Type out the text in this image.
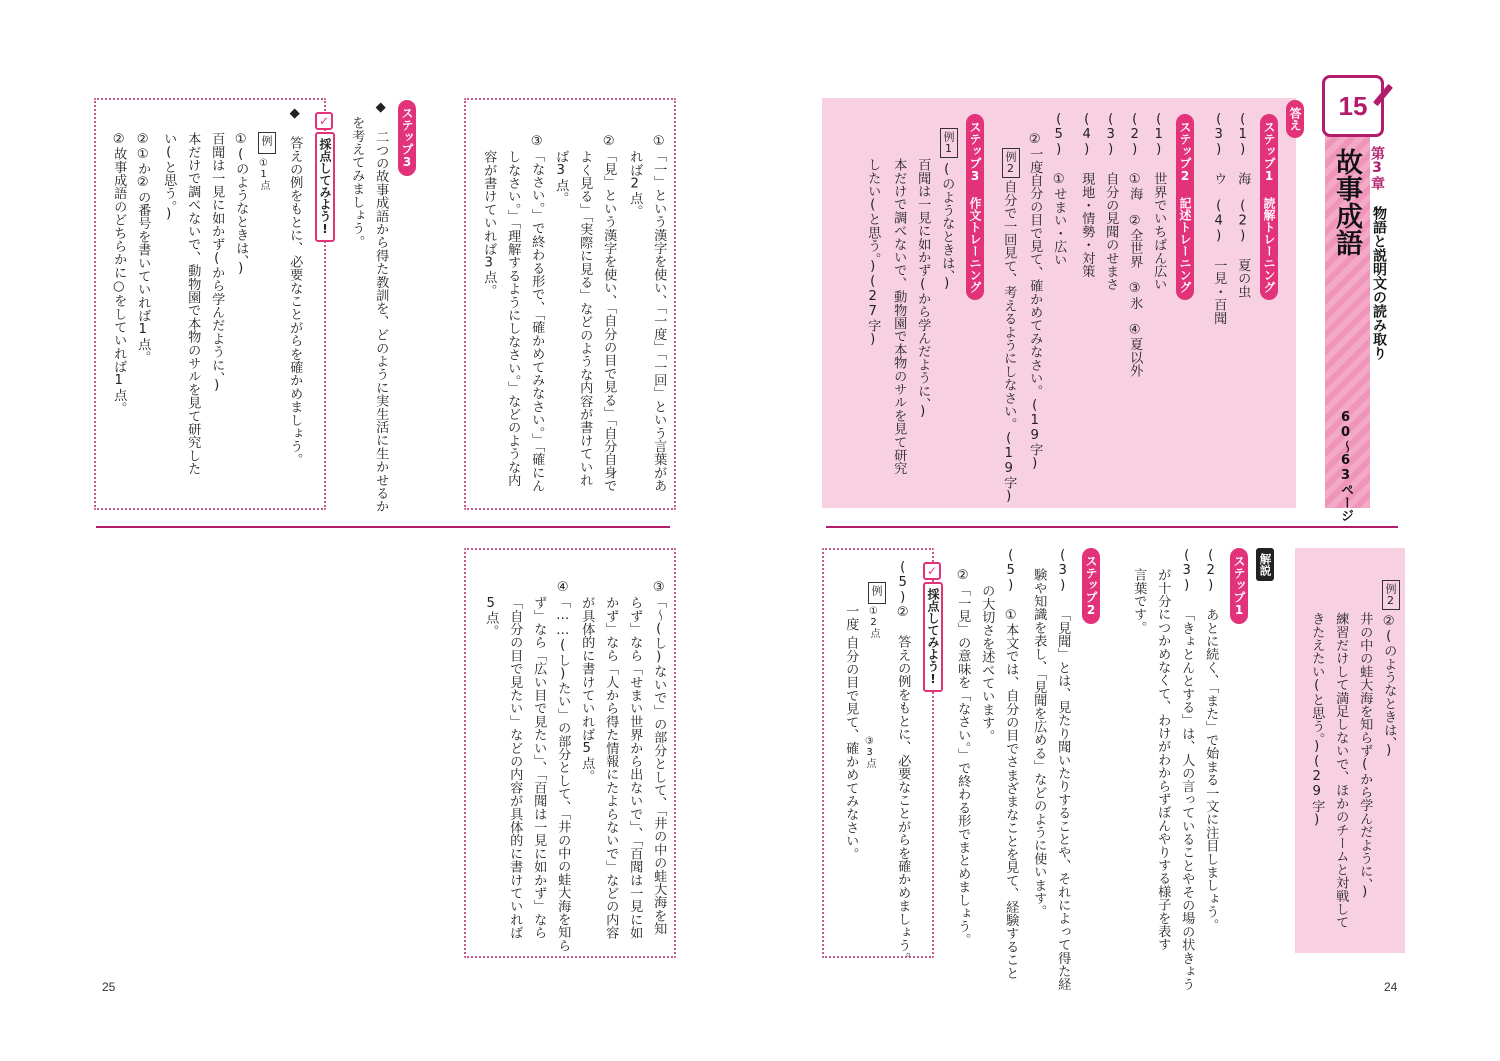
15
第3章
物語と説明文の読み取り
故事成語
60〜63ページ
答え
ステップ1 読解トレーニング
(1) 海　(2) 夏の虫
(3) ウ　(4) 一見・百聞
ステップ2 記述トレーニング
(1) 世界でいちばん広い
(2) ①海　②全世界　③氷　④夏以外
(3) 自分の見聞のせまさ
(4) 現地・情勢・対策
(5) ①せまい・広い
②一度自分の目で見て、確かめてみなさい。(19字)
例2
自分で一回見て、考えるようにしなさい。(19字)
ステップ3 作文トレーニング
例1
(のようなときは、)
百聞は一見に如かず(から学んだように、)
本だけで調べないで、動物園で本物のサルを見て研究
したい(と思う。)(27字)
例2
②(のようなときは、)
井の中の蛙大海を知らず(から学んだように、)
練習だけして満足しないで、ほかのチームと対戦して
きたえたい(と思う。)(29字)
解説
ステップ1
(2) あとに続く、「また」で始まる一文に注目しましょう。
(3) 「きょとんとする」は、人の言っていることやその場の状きょう
が十分につかめなくて、わけがわからずぼんやりする様子を表す
言葉です。
ステップ2
(3) 「見聞」とは、見たり聞いたりすることや、それによって得た経
験や知識を表し、「見聞を広める」などのように使います。
(5) ①本文では、自分の目でさまざまなことを見て、経験すること
の大切さを述べています。
②「一見」の意味を「なさい。」で終わる形でまとめましょう。
✓
採点してみよう!
(5)② 答えの例をもとに、必要なことがらを確かめましょう。
例
①2点
一度
自分の目で見て、確かめてみなさい。 ③3点
24
①「一」という漢字を使い、「一度」「一回」という言葉があ
れば2点。
②「見」という漢字を使い、「自分の目で見る」「自分自身で
よく見る」「実際に見る」などのような内容が書けていれ
ば3点。
③「なさい。」で終わる形で、「確かめてみなさい。」「確にん
しなさい。」「理解するようにしなさい。」などのような内
容が書けていれば3点。
ステップ3
◆ 二つの故事成語から得た教訓を、どのように実生活に生かせるか
を考えてみましょう。
✓
採点してみよう!
◆ 答えの例をもとに、必要なことがらを確かめましょう。
例
①1点
①(のようなときは、)
百聞は一見に如かず(から学んだように、)
本だけで調べないで、動物園で本物のサルを見て研究した
い(と思う。)
②①か②の番号を書いていれば1点。
②故事成語のどちらかに○をしていれば1点。
③「〜(し)ないで」の部分として、「井の中の蛙大海を知
らず」なら「せまい世界から出ないで」、「百聞は一見に如
かず」なら「人から得た情報にたよらないで」などの内容
が具体的に書けていれば5点。
④「……(し)たい」の部分として、「井の中の蛙大海を知ら
ず」なら「広い目で見たい」、「百聞は一見に如かず」なら
「自分の目で見たい」などの内容が具体的に書けていれば
5点。
25
